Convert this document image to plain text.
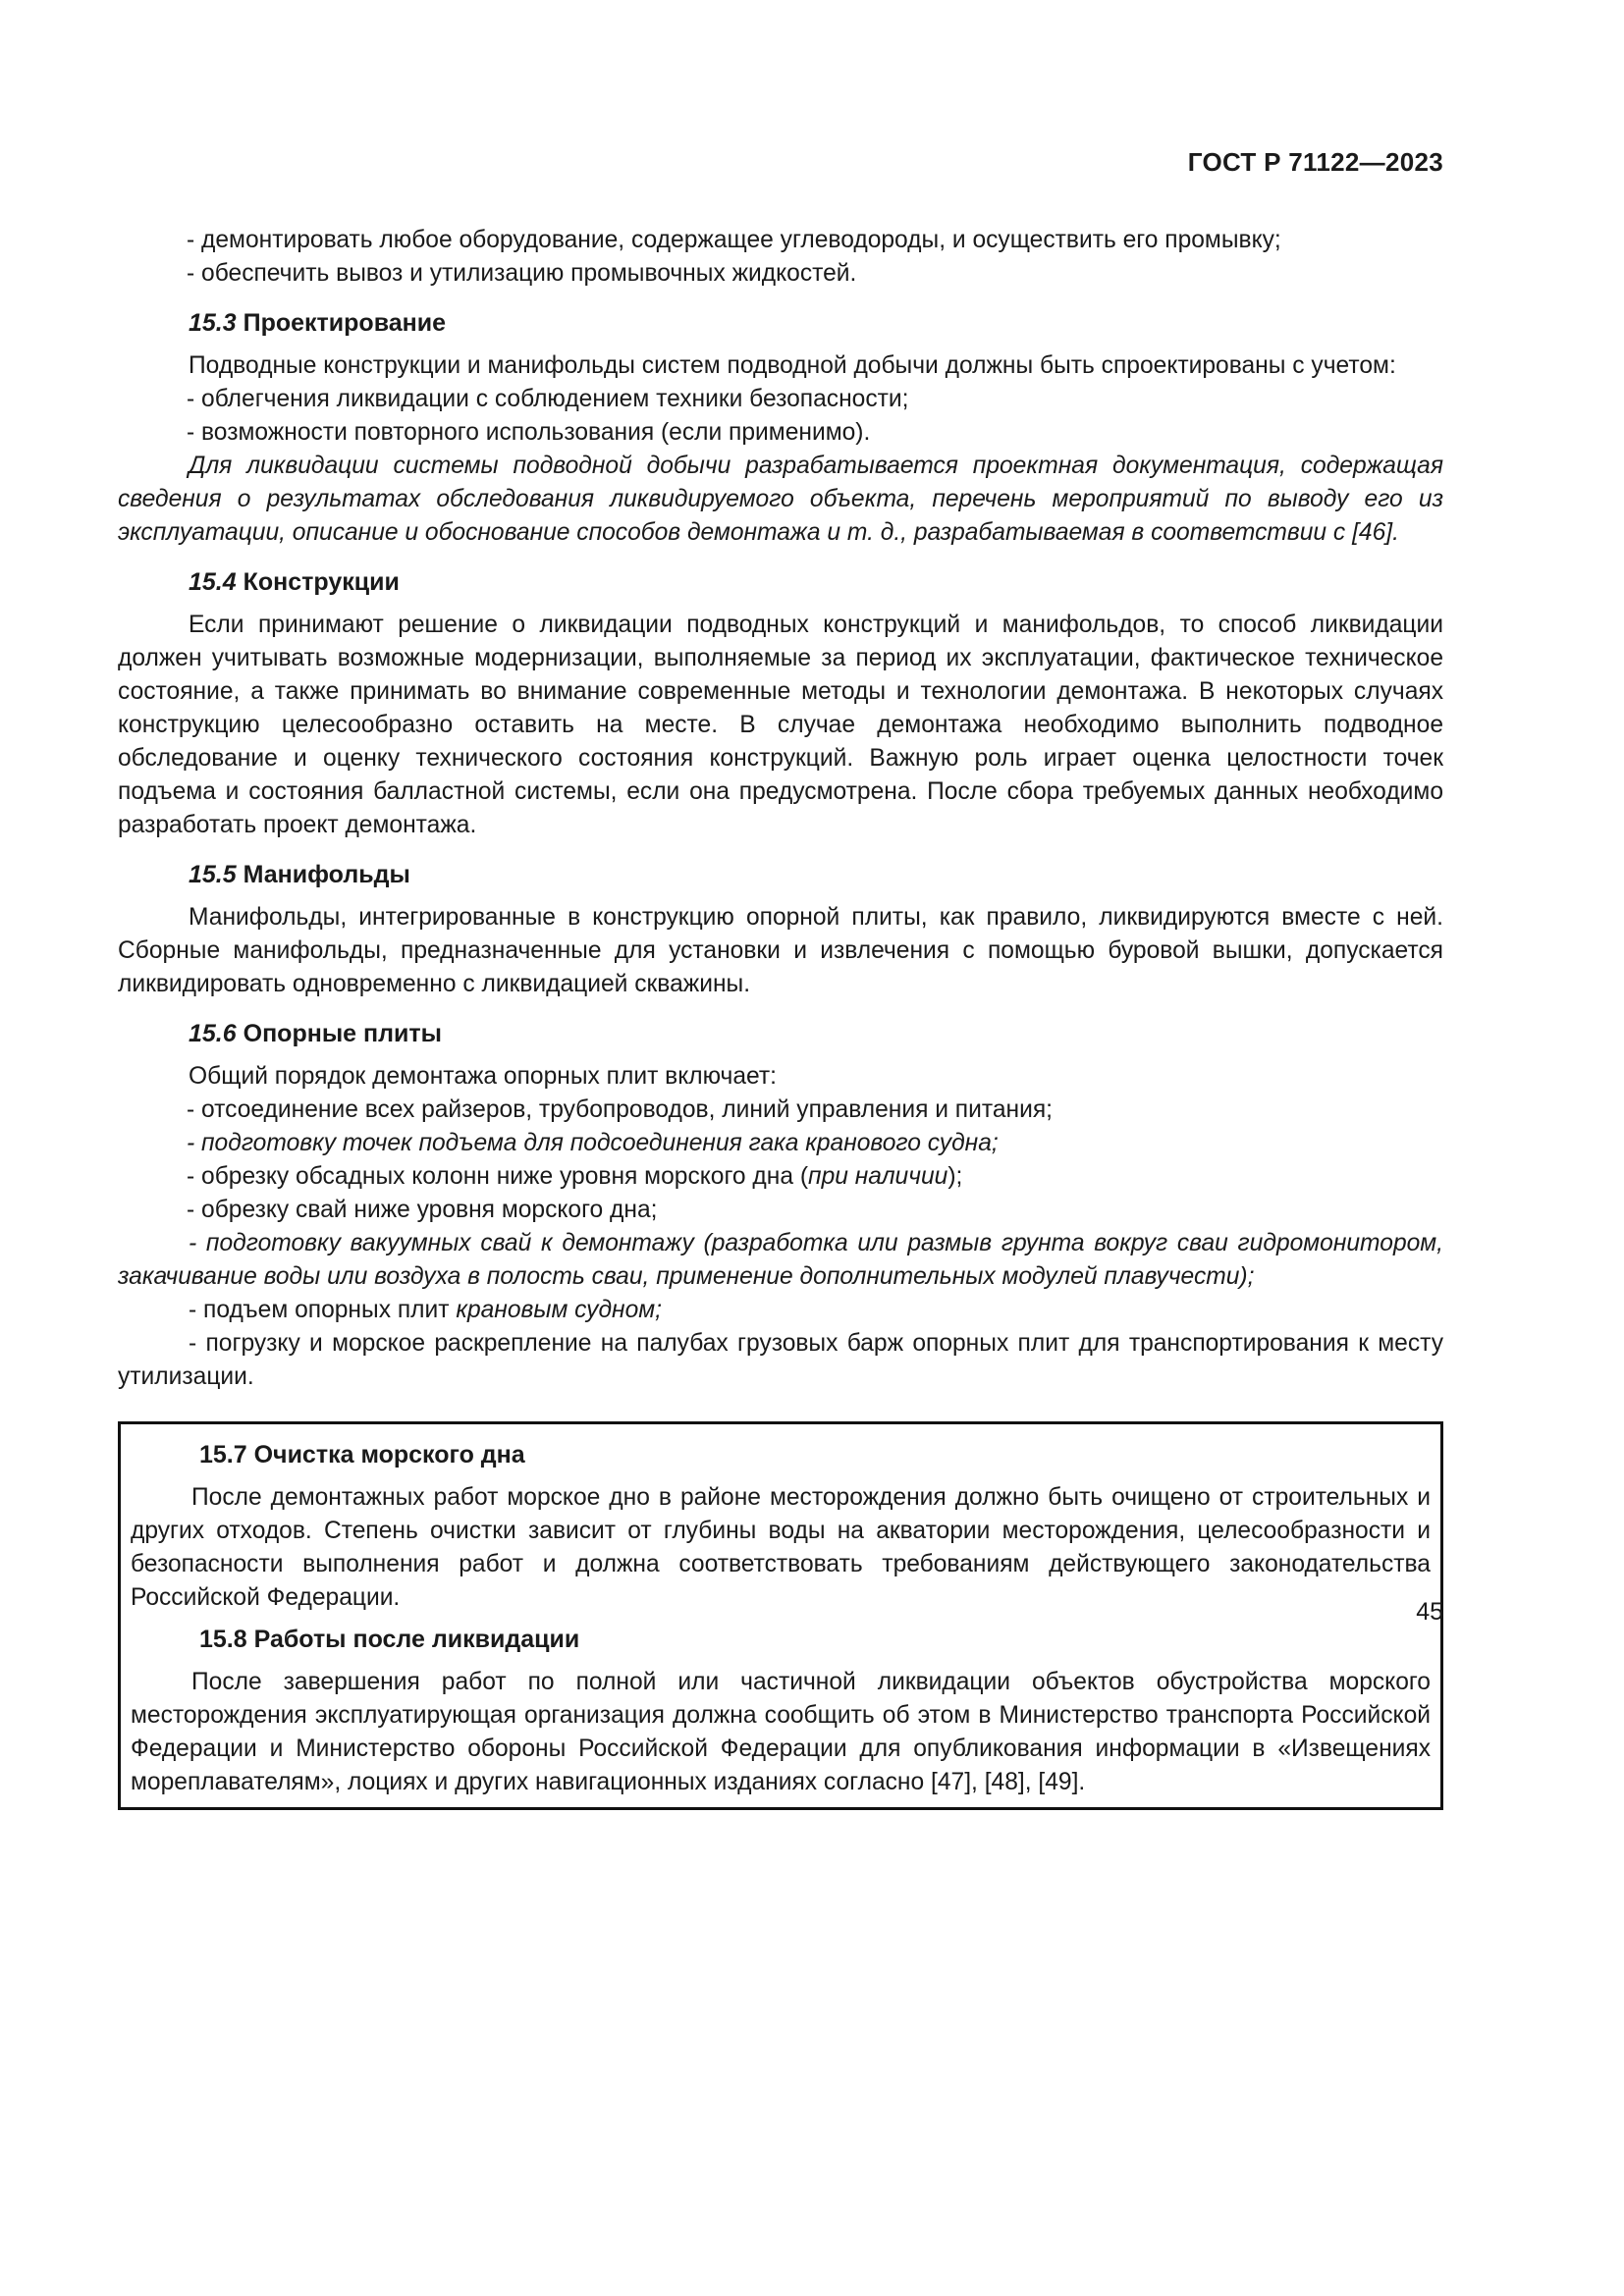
ГОСТ Р 71122—2023

- демонтировать любое оборудование, содержащее углеводороды, и осуществить его промывку;

- обеспечить вывоз и утилизацию промывочных жидкостей.

15.3 Проектирование

Подводные конструкции и манифольды систем подводной добычи должны быть спроектированы с учетом:

- облегчения ликвидации с соблюдением техники безопасности;

- возможности повторного использования (если применимо).

Для ликвидации системы подводной добычи разрабатывается проектная документация, содержащая сведения о результатах обследования ликвидируемого объекта, перечень мероприятий по выводу его из эксплуатации, описание и обоснование способов демонтажа и т. д., разрабатываемая в соответствии с [46].

15.4 Конструкции

Если принимают решение о ликвидации подводных конструкций и манифольдов, то способ ликвидации должен учитывать возможные модернизации, выполняемые за период их эксплуатации, фактическое техническое состояние, а также принимать во внимание современные методы и технологии демонтажа. В некоторых случаях конструкцию целесообразно оставить на месте. В случае демонтажа необходимо выполнить подводное обследование и оценку технического состояния конструкций. Важную роль играет оценка целостности точек подъема и состояния балластной системы, если она предусмотрена. После сбора требуемых данных необходимо разработать проект демонтажа.

15.5 Манифольды

Манифольды, интегрированные в конструкцию опорной плиты, как правило, ликвидируются вместе с ней. Сборные манифольды, предназначенные для установки и извлечения с помощью буровой вышки, допускается ликвидировать одновременно с ликвидацией скважины.

15.6 Опорные плиты

Общий порядок демонтажа опорных плит включает:

- отсоединение всех райзеров, трубопроводов, линий управления и питания;

- подготовку точек подъема для подсоединения гака кранового судна;

- обрезку обсадных колонн ниже уровня морского дна (при наличии);

- обрезку свай ниже уровня морского дна;

- подготовку вакуумных свай к демонтажу (разработка или размыв грунта вокруг сваи гидромонитором, закачивание воды или воздуха в полость сваи, применение дополнительных модулей плавучести);

- подъем опорных плит крановым судном;

- погрузку и морское раскрепление на палубах грузовых барж опорных плит для транспортирования к месту утилизации.

15.7 Очистка морского дна

После демонтажных работ морское дно в районе месторождения должно быть очищено от строительных и других отходов. Степень очистки зависит от глубины воды на акватории месторождения, целесообразности и безопасности выполнения работ и должна соответствовать требованиям действующего законодательства Российской Федерации.

15.8 Работы после ликвидации

После завершения работ по полной или частичной ликвидации объектов обустройства морского месторождения эксплуатирующая организация должна сообщить об этом в Министерство транспорта Российской Федерации и Министерство обороны Российской Федерации для опубликования информации в «Извещениях мореплавателям», лоциях и других навигационных изданиях согласно [47], [48], [49].

45
